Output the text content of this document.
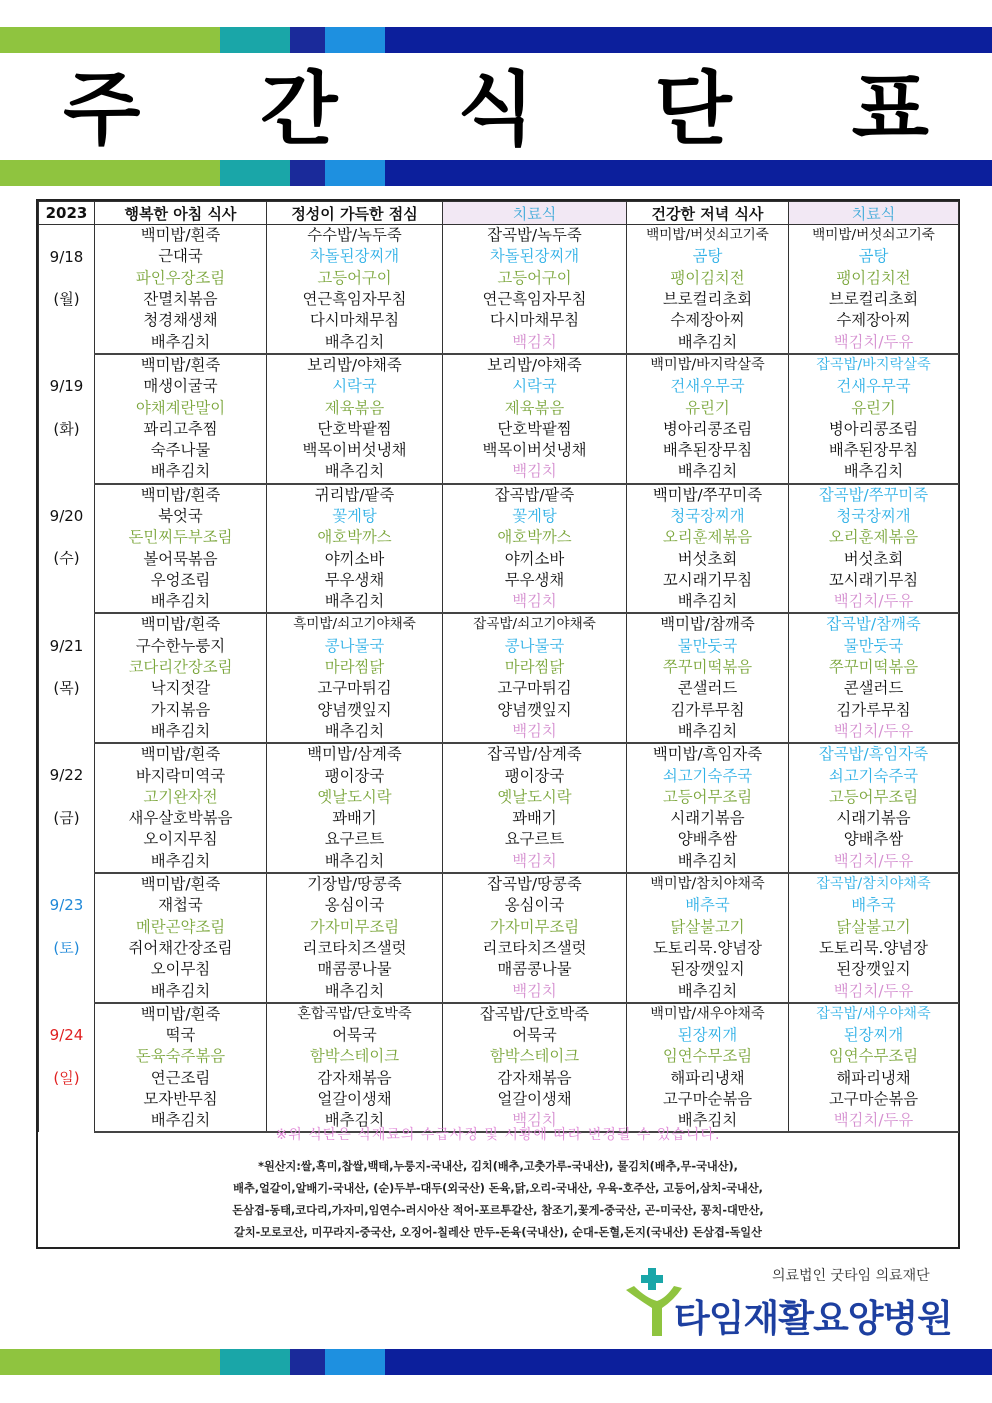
주 간 식 단 표
2023	행복한 아침 식사	정성이 가득한 점심	치료식	건강한 저녁 식사	치료식

9/18
(월)	백미밥/흰죽	수수밥/녹두죽	잡곡밥/녹두죽	백미밥/버섯쇠고기죽	백미밥/버섯쇠고기죽
	근대국	차돌된장찌개	차돌된장찌개	곰탕	곰탕
	파인우장조림	고등어구이	고등어구이	팽이김치전	팽이김치전
	잔멸치볶음	연근흑임자무침	연근흑임자무침	브로컬리초회	브로컬리초회
	청경채생채	다시마채무침	다시마채무침	수제장아찌	수제장아찌
	배추김치	배추김치	백김치	배추김치	백김치/두유

9/19
(화)	백미밥/흰죽	보리밥/야채죽	보리밥/야채죽	백미밥/바지락살죽	잡곡밥/바지락살죽
	매생이굴국	시락국	시락국	건새우무국	건새우무국
	야채계란말이	제육볶음	제육볶음	유린기	유린기
	꽈리고추찜	단호박팥찜	단호박팥찜	병아리콩조림	병아리콩조림
	숙주나물	백목이버섯냉채	백목이버섯냉채	배추된장무침	배추된장무침
	배추김치	배추김치	백김치	배추김치	배추김치

9/20
(수)	백미밥/흰죽	귀리밥/팥죽	잡곡밥/팥죽	백미밥/쭈꾸미죽	잡곡밥/쭈꾸미죽
	북엇국	꽃게탕	꽃게탕	청국장찌개	청국장찌개
	돈민찌두부조림	애호박까스	애호박까스	오리훈제볶음	오리훈제볶음
	볼어묵볶음	야끼소바	야끼소바	버섯초회	버섯초회
	우엉조림	무우생채	무우생채	꼬시래기무침	꼬시래기무침
	배추김치	배추김치	백김치	배추김치	백김치/두유

9/21
(목)	백미밥/흰죽	흑미밥/쇠고기야채죽	잡곡밥/쇠고기야채죽	백미밥/참깨죽	잡곡밥/참깨죽
	구수한누룽지	콩나물국	콩나물국	물만둣국	물만둣국
	코다리간장조림	마라찜닭	마라찜닭	쭈꾸미떡볶음	쭈꾸미떡볶음
	낙지젓갈	고구마튀김	고구마튀김	콘샐러드	콘샐러드
	가지볶음	양념깻잎지	양념깻잎지	김가루무침	김가루무침
	배추김치	배추김치	백김치	배추김치	백김치/두유

9/22
(금)	백미밥/흰죽	백미밥/삼계죽	잡곡밥/삼계죽	백미밥/흑임자죽	잡곡밥/흑임자죽
	바지락미역국	팽이장국	팽이장국	쇠고기숙주국	쇠고기숙주국
	고기완자전	옛날도시락	옛날도시락	고등어무조림	고등어무조림
	새우살호박볶음	꽈배기	꽈배기	시래기볶음	시래기볶음
	오이지무침	요구르트	요구르트	양배추쌈	양배추쌈
	배추김치	배추김치	백김치	배추김치	백김치/두유

9/23
(토)	백미밥/흰죽	기장밥/땅콩죽	잡곡밥/땅콩죽	백미밥/참치야채죽	잡곡밥/참치야채죽
	재첩국	옹심이국	옹심이국	배추국	배추국
	메란곤약조림	가자미무조림	가자미무조림	닭살불고기	닭살불고기
	쥐어채간장조림	리코타치즈샐럿	리코타치즈샐럿	도토리묵.양념장	도토리묵.양념장
	오이무침	매콤콩나물	매콤콩나물	된장깻잎지	된장깻잎지
	배추김치	배추김치	백김치	배추김치	백김치/두유

9/24
(일)	백미밥/흰죽	혼합곡밥/단호박죽	잡곡밥/단호박죽	백미밥/새우야채죽	잡곡밥/새우야채죽
	떡국	어묵국	어묵국	된장찌개	된장찌개
	돈육숙주볶음	함박스테이크	함박스테이크	임연수무조림	임연수무조림
	연근조림	감자채볶음	감자채볶음	해파리냉채	해파리냉채
	모자반무침	얼갈이생채	얼갈이생채	고구마순볶음	고구마순볶음
	배추김치	배추김치	백김치	배추김치	백김치/두유
※위 식단은 식재료의 수급사정 및 시황에 따라 변경될 수 있습니다.
*원산지:쌀,흑미,찹쌀,백태,누룽지-국내산, 김치(배추,고춧가루-국내산), 물김치(배추,무-국내산),
배추,얼갈이,알배기-국내산, (순)두부-대두(외국산) 돈육,닭,오리-국내산, 우육-호주산, 고등어,삼치-국내산,
돈삼겹-동태,코다리,가자미,임연수-러시아산 적어-포르투갈산, 참조기,꽃게-중국산, 곤-미국산, 꽁치-대만산,
갈치-모로코산, 미꾸라지-중국산, 오징어-칠레산 만두-돈육(국내산), 순대-돈혈,돈지(국내산) 돈삼겹-독일산
의료법인 굿타임 의료재단
타임재활요양병원
